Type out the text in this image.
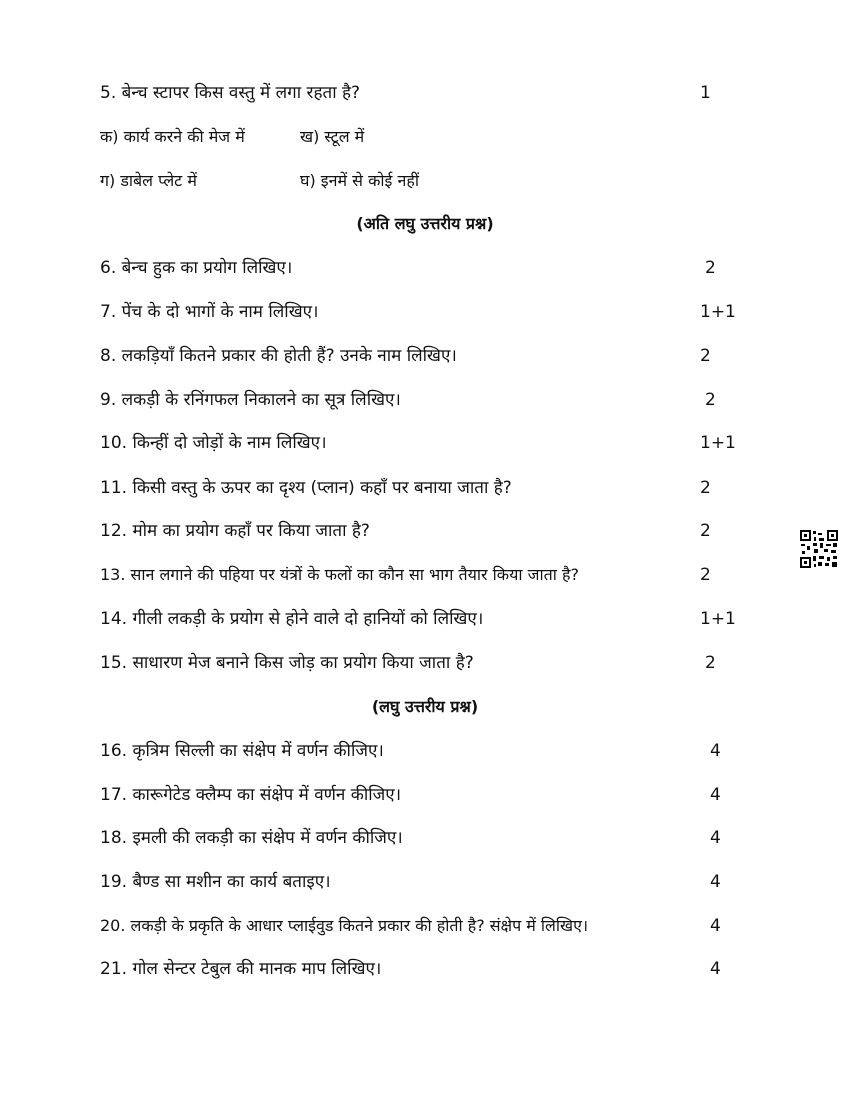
5. बेन्च स्टापर किस वस्तु में लगा रहता है?	1
क) कार्य करने की मेज में	ख) स्टूल में
ग) डाबेल प्लेट में	घ) इनमें से कोई नहीं
(अति लघु उत्तरीय प्रश्न)
6. बेन्च हुक का प्रयोग लिखिए।	2
7. पेंच के दो भागों के नाम लिखिए।	1+1
8. लकड़ियाँ कितने प्रकार की होती हैं? उनके नाम लिखिए।	2
9. लकड़ी के रनिंगफल निकालने का सूत्र लिखिए।	2
10. किन्हीं दो जोड़ों के नाम लिखिए।	1+1
11. किसी वस्तु के ऊपर का दृश्य (प्लान) कहाँ पर बनाया जाता है?	2
12. मोम का प्रयोग कहाँ पर किया जाता है?	2
13. सान लगाने की पहिया पर यंत्रों के फलों का कौन सा भाग तैयार किया जाता है?	2
14. गीली लकड़ी के प्रयोग से होने वाले दो हानियों को लिखिए।	1+1
15. साधारण मेज बनाने किस जोड़ का प्रयोग किया जाता है?	2
(लघु उत्तरीय प्रश्न)
16. कृत्रिम सिल्ली का संक्षेप में वर्णन कीजिए।	4
17. कारूगेटेड क्लैम्प का संक्षेप में वर्णन कीजिए।	4
18. इमली की लकड़ी का संक्षेप में वर्णन कीजिए।	4
19. बैण्ड सा मशीन का कार्य बताइए।	4
20. लकड़ी के प्रकृति के आधार प्लाईवुड कितने प्रकार की होती है? संक्षेप में लिखिए।	4
21. गोल सेन्टर टेबुल की मानक माप लिखिए।	4
